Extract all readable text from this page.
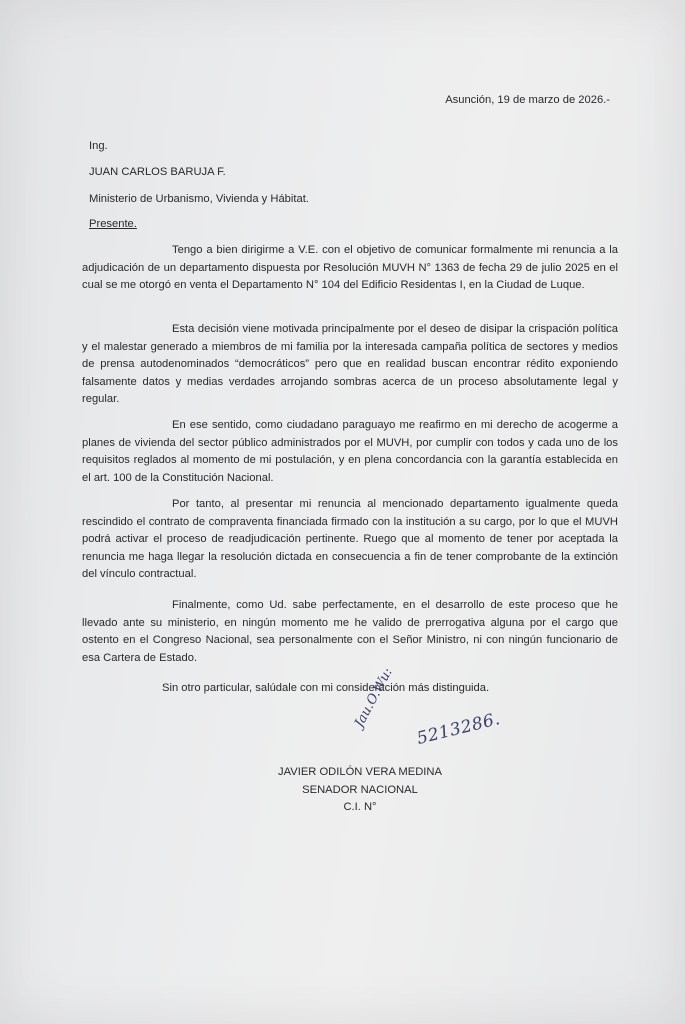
Asunción, 19 de marzo de 2026.-
Ing.
JUAN CARLOS BARUJA F.
Ministerio de Urbanismo, Vivienda y Hábitat.
Presente.
Tengo a bien dirigirme a V.E. con el objetivo de comunicar formalmente mi renuncia a la adjudicación de un departamento dispuesta por Resolución MUVH N° 1363 de fecha 29 de julio 2025 en el cual se me otorgó en venta el Departamento N° 104 del Edificio Residentas I, en la Ciudad de Luque.
Esta decisión viene motivada principalmente por el deseo de disipar la crispación política y el malestar generado a miembros de mi familia por la interesada campaña política de sectores y medios de prensa autodenominados “democráticos” pero que en realidad buscan encontrar rédito exponiendo falsamente datos y medias verdades arrojando sombras acerca de un proceso absolutamente legal y regular.
En ese sentido, como ciudadano paraguayo me reafirmo en mi derecho de acogerme a planes de vivienda del sector público administrados por el MUVH, por cumplir con todos y cada uno de los requisitos reglados al momento de mi postulación, y en plena concordancia con la garantía establecida en el art. 100 de la Constitución Nacional.
Por tanto, al presentar mi renuncia al mencionado departamento igualmente queda rescindido el contrato de compraventa financiada firmado con la institución a su cargo, por lo que el MUVH podrá activar el proceso de readjudicación pertinente. Ruego que al momento de tener por aceptada la renuncia me haga llegar la resolución dictada en consecuencia a fin de tener comprobante de la extinción del vínculo contractual.
Finalmente, como Ud. sabe perfectamente, en el desarrollo de este proceso que he llevado ante su ministerio, en ningún momento me he valido de prerrogativa alguna por el cargo que ostento en el Congreso Nacional, sea personalmente con el Señor Ministro, ni con ningún funcionario de esa Cartera de Estado.
Sin otro particular, salúdale con mi consideración más distinguida.
Jau.O.Wu: 5213286.
JAVIER ODILÓN VERA MEDINA
SENADOR NACIONAL
C.I. N°
